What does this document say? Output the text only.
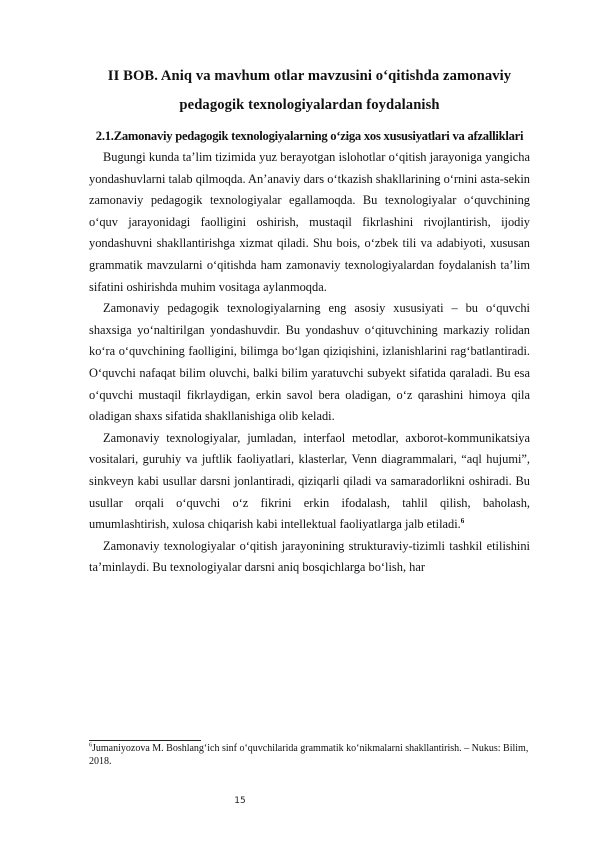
II BOB. Aniq va mavhum otlar mavzusini o‘qitishda zamonaviy pedagogik texnologiyalardan foydalanish
2.1.Zamonaviy pedagogik texnologiyalarning o‘ziga xos xususiyatlari va afzalliklari

Bugungi kunda ta’lim tizimida yuz berayotgan islohotlar o‘qitish jarayoniga yangicha yondashuvlarni talab qilmoqda. An’anaviy dars o‘tkazish shakllarining o‘rnini asta-sekin zamonaviy pedagogik texnologiyalar egallamoqda. Bu texnologiyalar o‘quvchining o‘quv jarayonidagi faolligini oshirish, mustaqil fikrlashini rivojlantirish, ijodiy yondashuvni shakllantirishga xizmat qiladi. Shu bois, o‘zbek tili va adabiyoti, xususan grammatik mavzularni o‘qitishda ham zamonaviy texnologiyalardan foydalanish ta’lim sifatini oshirishda muhim vositaga aylanmoqda.

Zamonaviy pedagogik texnologiyalarning eng asosiy xususiyati – bu o‘quvchi shaxsiga yo‘naltirilgan yondashuvdir. Bu yondashuv o‘qituvchining markaziy rolidan ko‘ra o‘quvchining faolligini, bilimga bo‘lgan qiziqishini, izlanishlarini rag‘batlantiradi. O‘quvchi nafaqat bilim oluvchi, balki bilim yaratuvchi subyekt sifatida qaraladi. Bu esa o‘quvchi mustaqil fikrlaydigan, erkin savol bera oladigan, o‘z qarashini himoya qila oladigan shaxs sifatida shakllanishiga olib keladi.

Zamonaviy texnologiyalar, jumladan, interfaol metodlar, axborot-kommunikatsiya vositalari, guruhiy va juftlik faoliyatlari, klasterlar, Venn diagrammalari, “aql hujumi”, sinkveyn kabi usullar darsni jonlantiradi, qiziqarli qiladi va samaradorlikni oshiradi. Bu usullar orqali o‘quvchi o‘z fikrini erkin ifodalash, tahlil qilish, baholash, umumlashtirish, xulosa chiqarish kabi intellektual faoliyatlarga jalb etiladi.$^6$

Zamonaviy texnologiyalar o‘qitish jarayonining strukturaviy-tizimli tashkil etilishini ta’minlaydi. Bu texnologiyalar darsni aniq bosqichlarga bo‘lish, har

$^6$Jumaniyozova M. Boshlang‘ich sinf o‘quvchilarida grammatik ko‘nikmalarni shakllantirish. – Nukus: Bilim, 2018.

15
